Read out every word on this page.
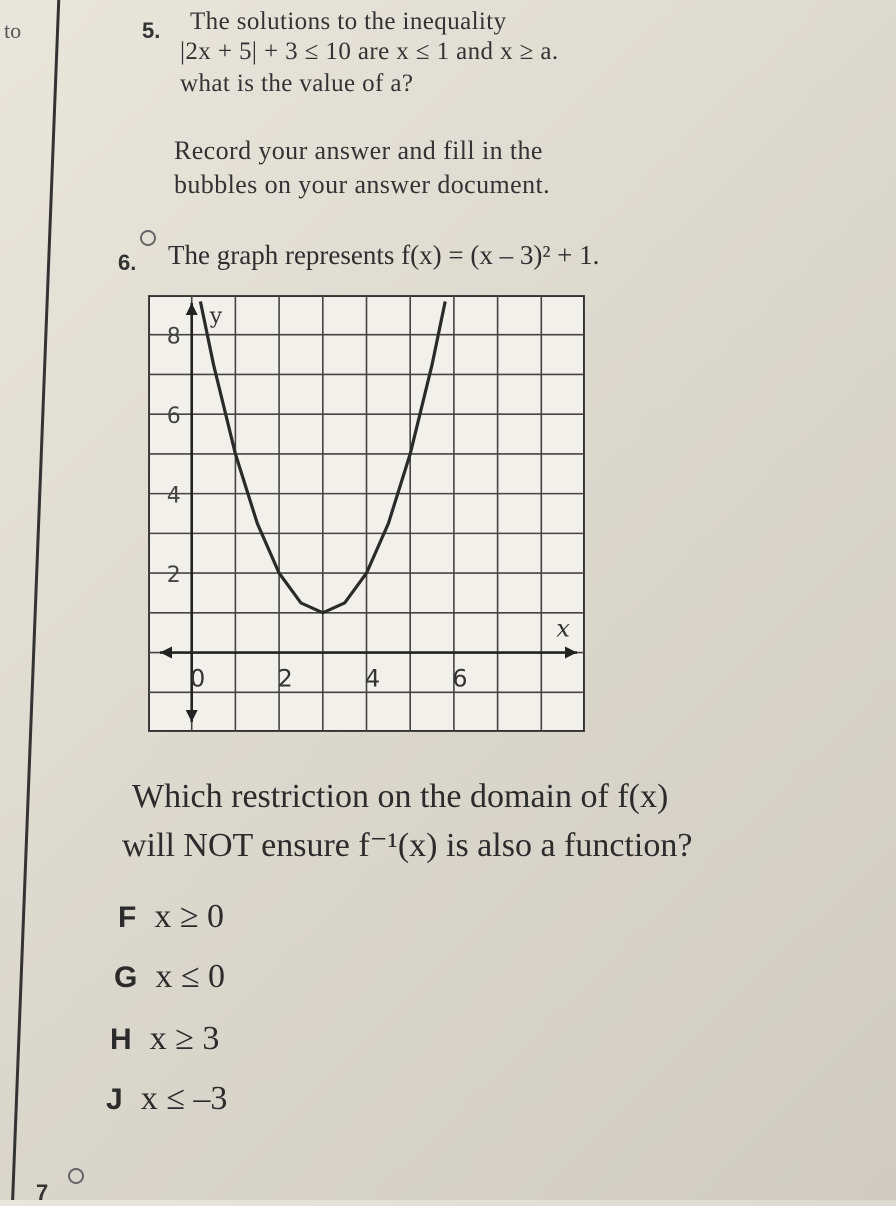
to	5. The solutions to the inequality
|2x + 5| + 3 ≤ 10 are x ≤ 1 and x ≥ a.
what is the value of a?
Record your answer and fill in the
bubbles on your answer document.
6. The graph represents f(x) = (x – 3)² + 1.
x
y
0	2	4	6
2
4
6
8
Which restriction on the domain of f(x)
will NOT ensure f⁻¹(x) is also a function?
F x ≥ 0
G x ≤ 0
H x ≥ 3
J x ≤ –3
7
